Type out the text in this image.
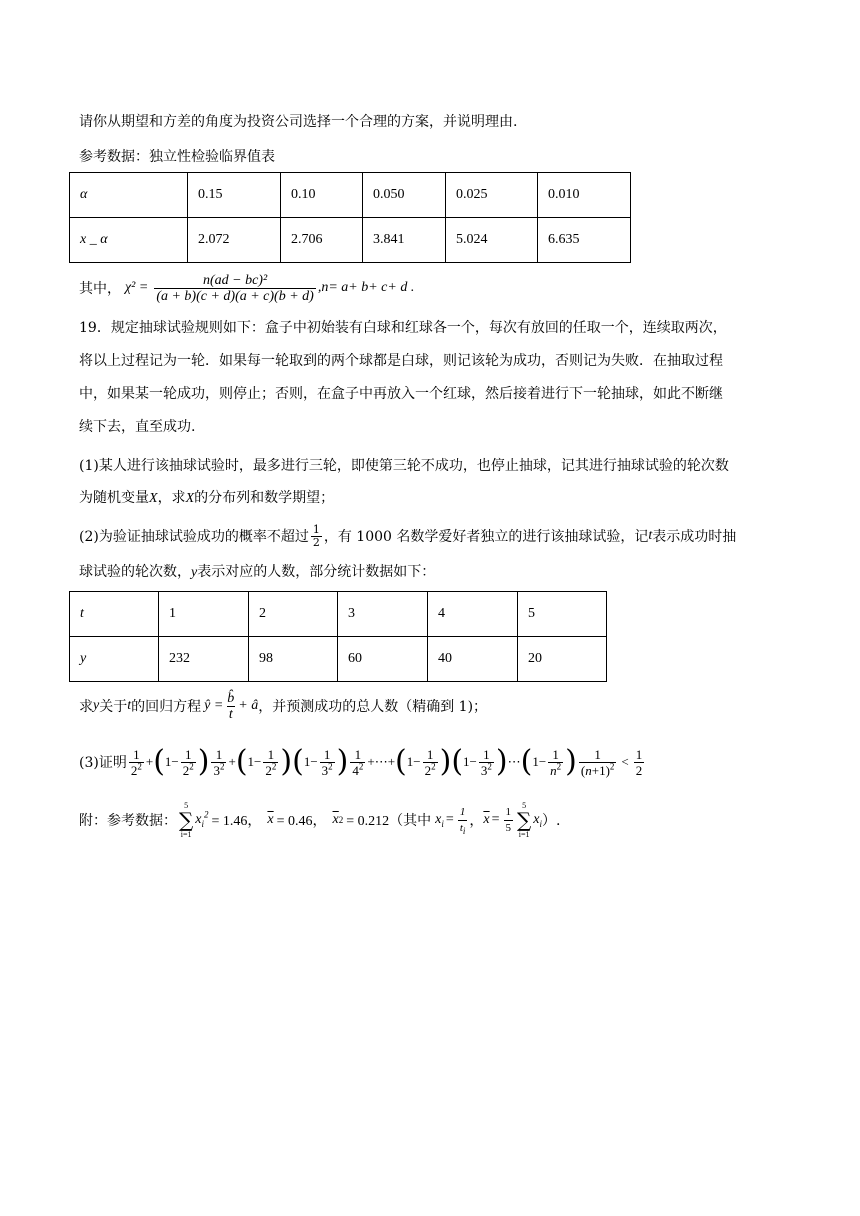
请你从期望和方差的角度为投资公司选择一个合理的方案，并说明理由.
参考数据：独立性检验临界值表
α	0.15	0.10	0.050	0.025	0.010
x _ α	2.072	2.706	3.841	5.024	6.635
其中， $\chi^2 = \frac{\text{n(ad − bc)²}}{(a + b)(c + d)(a + c)(b + d)} ,n= a+ b+ c+ d$ .
19．规定抽球试验规则如下：盒子中初始装有白球和红球各一个，每次有放回的任取一个，连续取两次，
将以上过程记为一轮．如果每一轮取到的两个球都是白球，则记该轮为成功，否则记为失败．在抽取过程
中，如果某一轮成功，则停止；否则，在盒子中再放入一个红球，然后接着进行下一轮抽球，如此不断继
续下去，直至成功.
(1)某人进行该抽球试验时，最多进行三轮，即使第三轮不成功，也停止抽球，记其进行抽球试验的轮次数
为随机变量X，求X的分布列和数学期望；
(2)为验证抽球试验成功的概率不超过 $\frac{1}{2}$ ，有 1000 名数学爱好者独立的进行该抽球试验，记 t 表示成功时抽
球试验的轮次数，y表示对应的人数，部分统计数据如下：
t	1	2	3	4	5
y	232	98	60	40	20
求 y 关于 t 的回归方程 ŷ = $\frac{b̂}{t}$ + â ，并预测成功的总人数（精确到 1)；
(3)证明 $\frac{1}{2^2}$ + ( $1- \frac{1}{2^2}$ ) $\frac{1}{3^2}$ + ( $1- \frac{1}{2^2}$ ) ( $1- \frac{1}{3^2}$ ) $\frac{1}{4^2}$ +⋯+ ( $1- \frac{1}{2^2}$ ) ( $1- \frac{1}{3^2}$ ) ⋯ ( $1- \frac{1}{n^2}$ ) $\frac{1}{(n+1)^2} < \frac{1}{2}$
附：参考数据：
5
∑
i=1
$x_i^2 = 1.46$， $\overline{x} = 0.46$， $\overline{x}$ 2 = 0.212（其中 $x_i = \frac{1}{t_i}$ ， $\overline{x} = \frac{1}{5} 5$
∑
i=1
$x_i$ ）.
